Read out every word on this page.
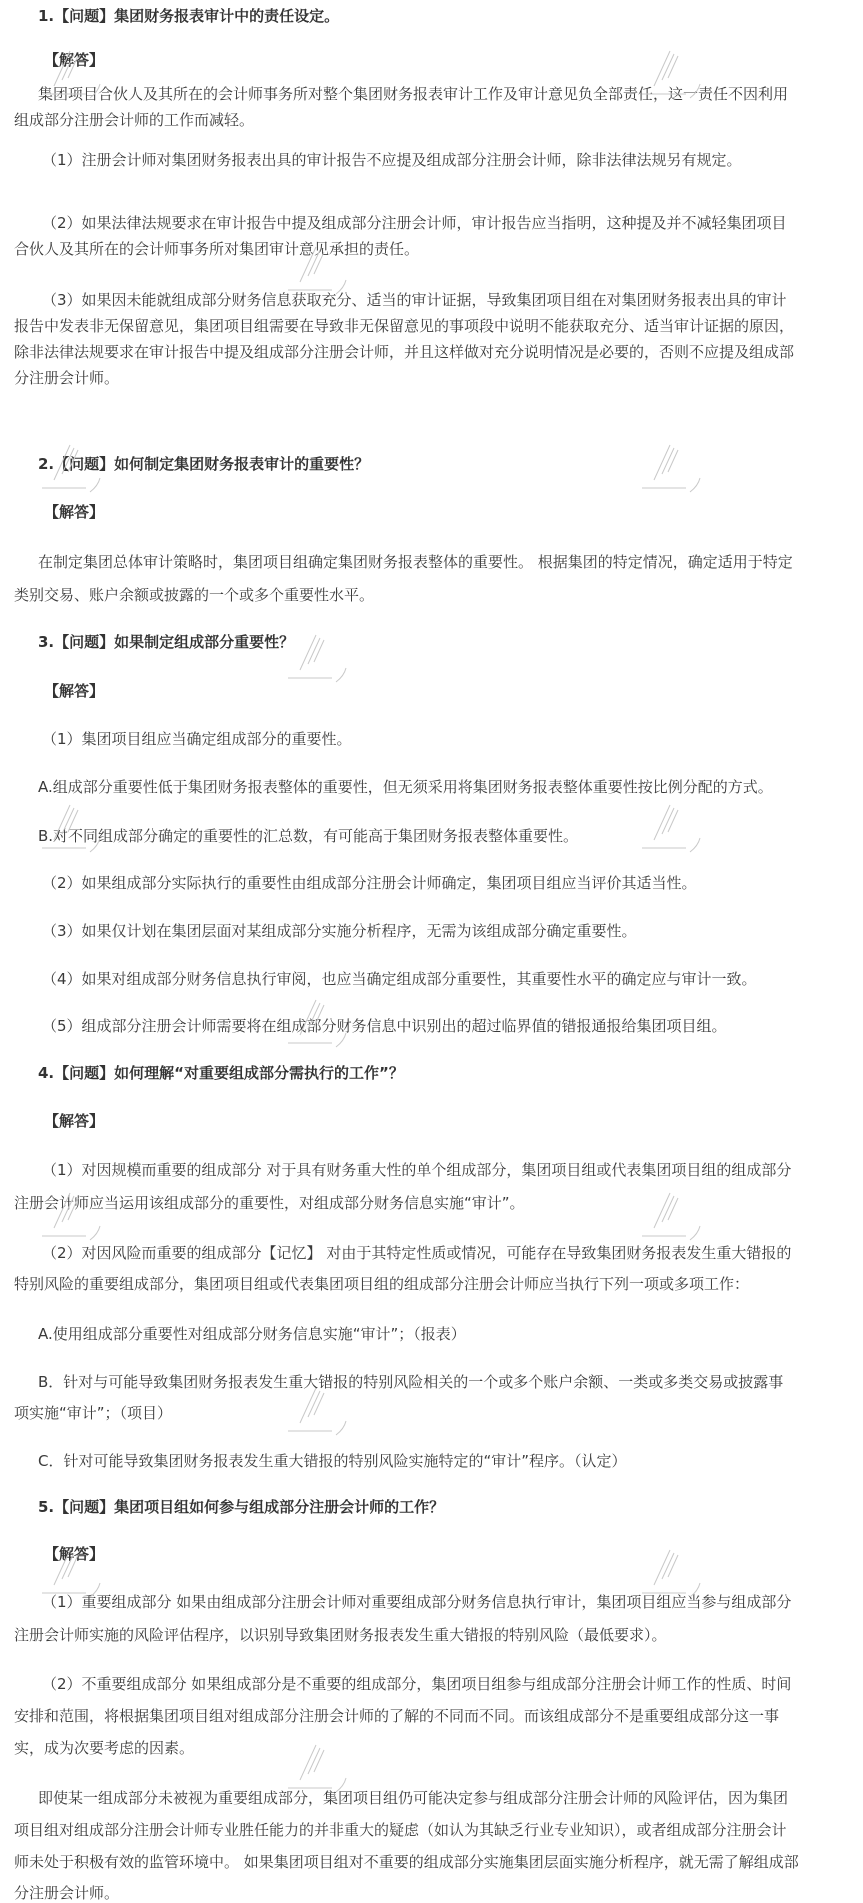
1.【问题】集团财务报表审计中的责任设定。
【解答】
集团项目合伙人及其所在的会计师事务所对整个集团财务报表审计工作及审计意见负全部责任，这一责任不因利用
组成部分注册会计师的工作而减轻。
（1）注册会计师对集团财务报表出具的审计报告不应提及组成部分注册会计师，除非法律法规另有规定。
（2）如果法律法规要求在审计报告中提及组成部分注册会计师，审计报告应当指明，这种提及并不减轻集团项目
合伙人及其所在的会计师事务所对集团审计意见承担的责任。
（3）如果因未能就组成部分财务信息获取充分、适当的审计证据，导致集团项目组在对集团财务报表出具的审计
报告中发表非无保留意见，集团项目组需要在导致非无保留意见的事项段中说明不能获取充分、适当审计证据的原因，
除非法律法规要求在审计报告中提及组成部分注册会计师，并且这样做对充分说明情况是必要的，否则不应提及组成部
分注册会计师。
2.【问题】如何制定集团财务报表审计的重要性？
【解答】
在制定集团总体审计策略时，集团项目组确定集团财务报表整体的重要性。 根据集团的特定情况，确定适用于特定
类别交易、账户余额或披露的一个或多个重要性水平。
3.【问题】如果制定组成部分重要性？
【解答】
（1）集团项目组应当确定组成部分的重要性。
A.组成部分重要性低于集团财务报表整体的重要性，但无须采用将集团财务报表整体重要性按比例分配的方式。
B.对不同组成部分确定的重要性的汇总数，有可能高于集团财务报表整体重要性。
（2）如果组成部分实际执行的重要性由组成部分注册会计师确定，集团项目组应当评价其适当性。
（3）如果仅计划在集团层面对某组成部分实施分析程序，无需为该组成部分确定重要性。
（4）如果对组成部分财务信息执行审阅，也应当确定组成部分重要性，其重要性水平的确定应与审计一致。
（5）组成部分注册会计师需要将在组成部分财务信息中识别出的超过临界值的错报通报给集团项目组。
4.【问题】如何理解“对重要组成部分需执行的工作”？
【解答】
（1）对因规模而重要的组成部分 对于具有财务重大性的单个组成部分，集团项目组或代表集团项目组的组成部分
注册会计师应当运用该组成部分的重要性，对组成部分财务信息实施“审计”。
（2）对因风险而重要的组成部分【记忆】 对由于其特定性质或情况，可能存在导致集团财务报表发生重大错报的
特别风险的重要组成部分，集团项目组或代表集团项目组的组成部分注册会计师应当执行下列一项或多项工作：
A.使用组成部分重要性对组成部分财务信息实施“审计”；（报表）
B．针对与可能导致集团财务报表发生重大错报的特别风险相关的一个或多个账户余额、一类或多类交易或披露事
项实施“审计”；（项目）
C．针对可能导致集团财务报表发生重大错报的特别风险实施特定的“审计”程序。（认定）
5.【问题】集团项目组如何参与组成部分注册会计师的工作？
【解答】
（1）重要组成部分 如果由组成部分注册会计师对重要组成部分财务信息执行审计，集团项目组应当参与组成部分
注册会计师实施的风险评估程序，以识别导致集团财务报表发生重大错报的特别风险（最低要求）。
（2）不重要组成部分 如果组成部分是不重要的组成部分，集团项目组参与组成部分注册会计师工作的性质、时间
安排和范围，将根据集团项目组对组成部分注册会计师的了解的不同而不同。而该组成部分不是重要组成部分这一事
实，成为次要考虑的因素。
即使某一组成部分未被视为重要组成部分，集团项目组仍可能决定参与组成部分注册会计师的风险评估，因为集团
项目组对组成部分注册会计师专业胜任能力的并非重大的疑虑（如认为其缺乏行业专业知识），或者组成部分注册会计
师未处于积极有效的监管环境中。 如果集团项目组对不重要的组成部分实施集团层面实施分析程序，就无需了解组成部
分注册会计师。
